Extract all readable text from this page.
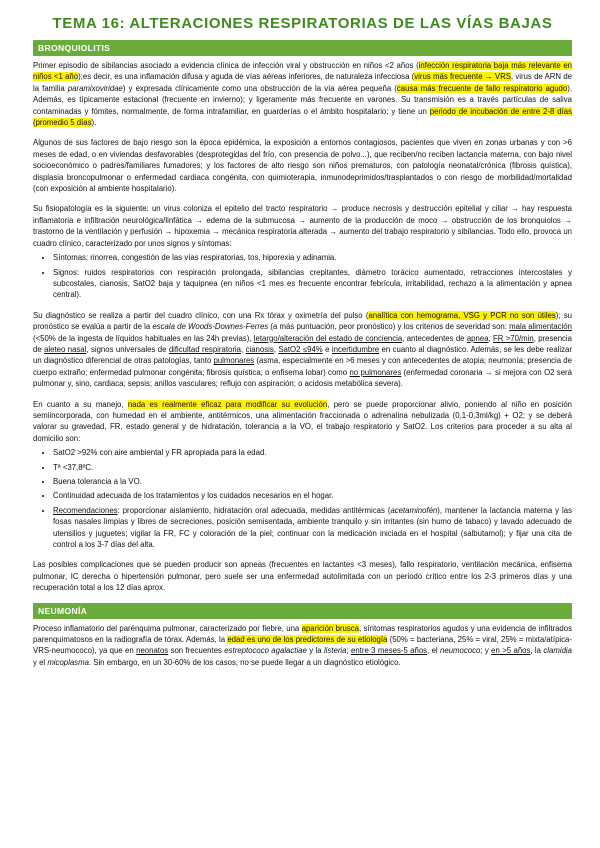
TEMA 16: ALTERACIONES RESPIRATORIAS DE LAS VÍAS BAJAS
BRONQUIOLITIS

Primer episodio de sibilancias asociado a evidencia clínica de infección viral y obstrucción en niños <2 años (infección respiratoria baja más relevante en niños <1 año);es decir, es una inflamación difusa y aguda de vías aéreas inferiores, de naturaleza infecciosa (virus más frecuente → VRS, virus de ARN de la familia paramixoviridae) y expresada clínicamente como una obstrucción de la vía aérea pequeña (causa más frecuente de fallo respiratorio agudo). Además, es típicamente estacional (frecuente en invierno); y ligeramente más frecuente en varones. Su transmisión es a través partículas de saliva contaminadas y fómites, normalmente, de forma intrafamiliar, en guarderías o el ámbito hospitalario; y tiene un periodo de incubación de entre 2-8 días (promedio 5 días).

Algunos de sus factores de bajo riesgo son la época epidémica, la exposición a entornos contagiosos, pacientes que viven en zonas urbanas y con >6 meses de edad, o en viviendas desfavorables (desprotegidas del frío, con presencia de polvo...), que reciben/no reciben lactancia materna, con bajo nivel socioeconómico o padres/familiares fumadores; y los factores de alto riesgo son niños prematuros, con patología neonatal/crónica (fibrosis quística), displasia broncopulmonar o enfermedad cardiaca congénita, con quimioterapia, inmunodeprimidos/trasplantados o con riesgo de morbilidad/mortalidad (con exposición al ambiente hospitalario).

Su fisiopatología es la siguiente: un virus coloniza el epitelio del tracto respiratorio → produce necrosis y destrucción epitelial y ciliar → hay respuesta inflamatoria e infiltración neurológica/linfática → edema de la submucosa → aumento de la producción de moco → obstrucción de los bronquiolos → trastorno de la ventilación y perfusión → hipoxemia → mecánica respiratoria alterada → aumento del trabajo respiratorio y sibilancias. Todo ello, provoca un cuadro clínico, caracterizado por unos signos y síntomas:

• Síntomas: rinorrea, congestión de las vías respiratorias, tos, hiporexia y adinamia.
• Signos: ruidos respiratorios con respiración prolongada, sibilancias crepitantes, diámetro torácico aumentado, retracciones intercostales y subcostales, cianosis, SatO2 baja y taquipnea (en niños <1 mes es frecuente encontrar febrícula, irritabilidad, rechazo a la alimentación y apnea central).

Su diagnóstico se realiza a partir del cuadro clínico, con una Rx tórax y oximetría del pulso (analítica con hemograma, VSG y PCR no son útiles); su pronóstico se evalúa a partir de la escala de Woods-Downes-Ferres (a más puntuación, peor pronóstico) y los criterios de severidad son: mala alimentación (<50% de la ingesta de líquidos habituales en las 24h previas), letargo/alteración del estado de conciencia, antecedentes de apnea, FR >70/min, presencia de aleteo nasal, signos universales de dificultad respiratoria, cianosis, SatO2 ≤94% e incertidumbre en cuanto al diagnóstico. Además, se les debe realizar un diagnóstico diferencial de otras patologías, tanto pulmonares (asma, especialmente en >6 meses y con antecedentes de atopia; neumonía; presencia de cuerpo extraño; enfermedad pulmonar congénita; fibrosis quística; o enfisema lobar) como no pulmonares (enfermedad coronaria → si mejora con O2 será pulmonar y, sino, cardiaca; sepsis; anillos vasculares; reflujo con aspiración; o acidosis metabólica severa).

En cuanto a su manejo, nada es realmente eficaz para modificar su evolución, pero se puede proporcionar alivio, poniendo al niño en posición semiincorporada, con humedad en el ambiente, antitérmicos, una alimentación fraccionada o adrenalina nebulizada (0,1-0,3ml/kg) + O2; y se deberá valorar su gravedad, FR, estado general y de hidratación, tolerancia a la VO, el trabajo respiratorio y SatO2. Los criterios para proceder a su alta al domicilio son:

• SatO2 >92% con aire ambiental y FR apropiada para la edad.
• Tª <37,8ºC.
• Buena tolerancia a la VO.
• Continuidad adecuada de los tratamientos y los cuidados necesarios en el hogar.
• Recomendaciones: proporcionar aislamiento, hidratación oral adecuada, medidas antitérmicas (acetaminofén), mantener la lactancia materna y las fosas nasales limpias y libres de secreciones, posición semisentada, ambiente tranquilo y sin irritantes (sin humo de tabaco) y lavado adecuado de utensilios y juguetes; vigilar la FR, FC y coloración de la piel; continuar con la medicación iniciada en el hospital (salbutamol); y fijar una cita de control a los 3-7 días del alta.

Las posibles complicaciones que se pueden producir son apneas (frecuentes en lactantes <3 meses), fallo respiratorio, ventilación mecánica, enfisema pulmonar, IC derecha o hipertensión pulmonar, pero suele ser una enfermedad autolimitada con un periodo crítico entre los 2-3 primeros días y una recuperación total a los 12 días aprox.

NEUMONÍA

Proceso inflamatorio del parénquima pulmonar, caracterizado por fiebre, una aparición brusca, síntomas respiratorios agudos y una evidencia de infiltrados parenquimatosos en la radiografía de tórax. Además, la edad es uno de los predictores de su etiología (50% = bacteriana, 25% = viral, 25% = mixta/atípica-VRS-neumococo), ya que en neonatos son frecuentes estreptococo agalactiae y la listeria; entre 3 meses-5 años, el neumococo; y en >5 años, la clamidia y el micoplasma. Sin embargo, en un 30-60% de los casos, no se puede llegar a un diagnóstico etiológico.
